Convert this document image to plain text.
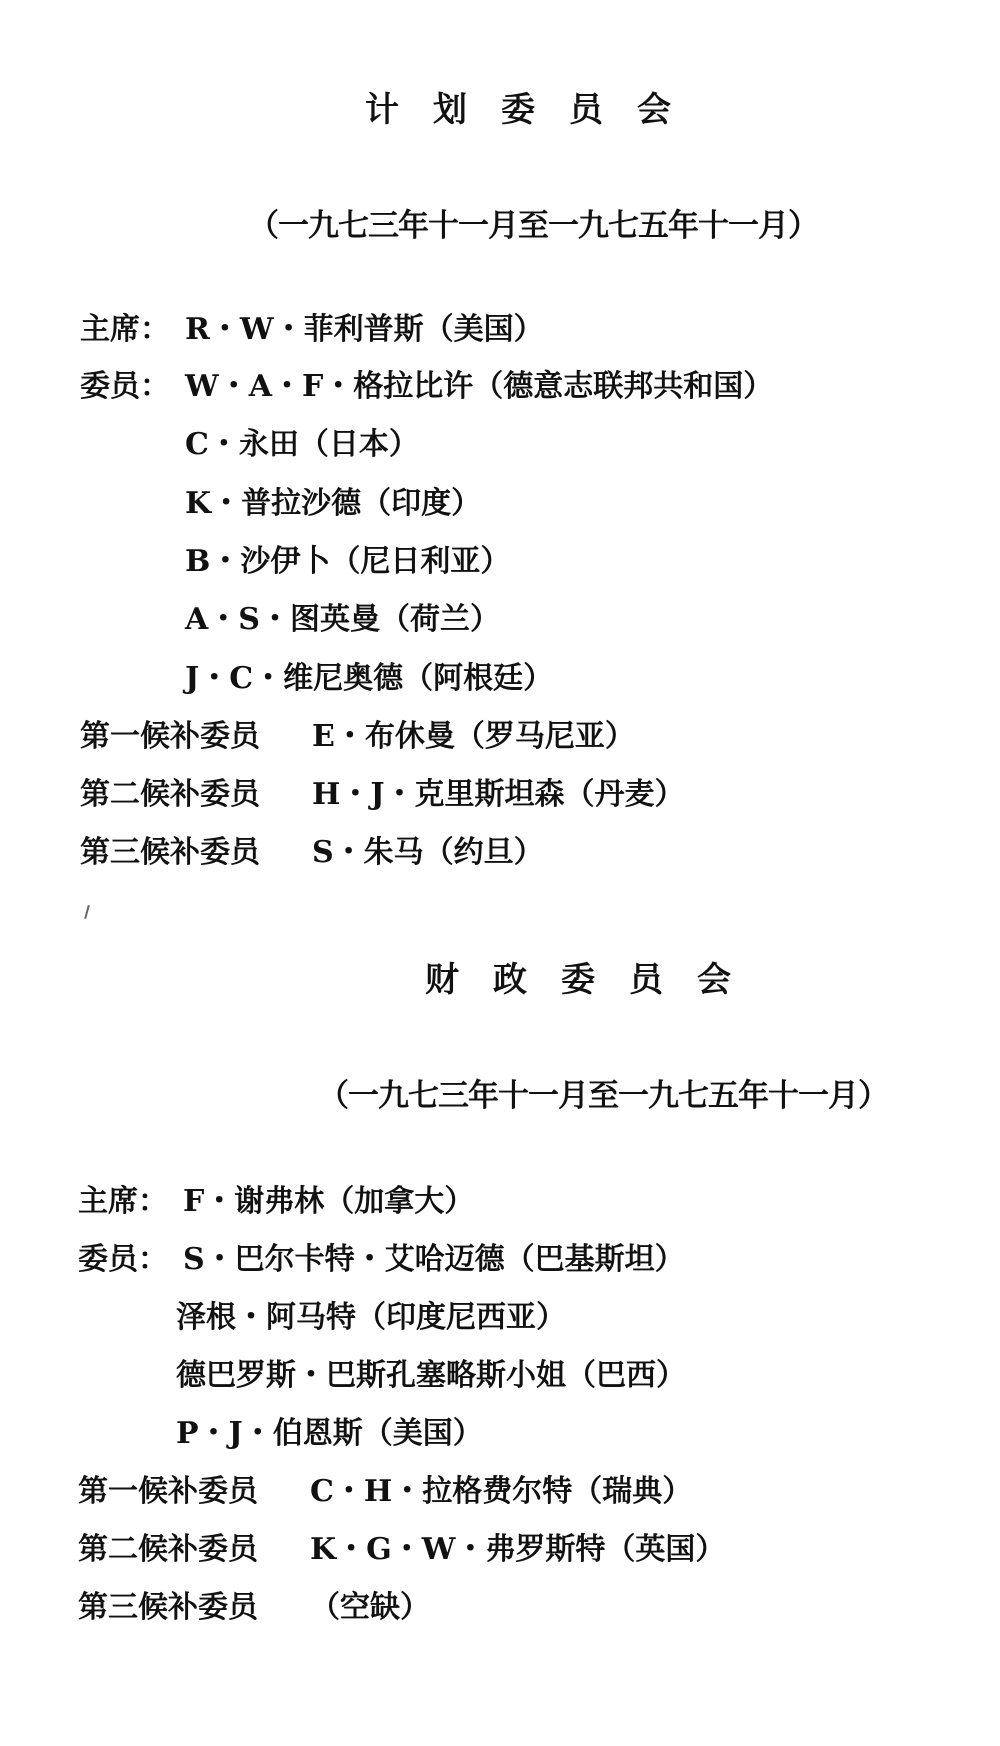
计划委员会
（一九七三年十一月至一九七五年十一月）
主席： R・W・菲利普斯（美国）
委员： W・A・F・格拉比许（德意志联邦共和国）
C・永田（日本）
K・普拉沙德（印度）
B・沙伊卜（尼日利亚）
A・S・图英曼（荷兰）
J・C・维尼奥德（阿根廷）
第一候补委员 E・布休曼（罗马尼亚）
第二候补委员 H・J・克里斯坦森（丹麦）
第三候补委员 S・朱马（约旦）
财政委员会
（一九七三年十一月至一九七五年十一月）
主席： F・谢弗林（加拿大）
委员： S・巴尔卡特・艾哈迈德（巴基斯坦）
泽根・阿马特（印度尼西亚）
德巴罗斯・巴斯孔塞略斯小姐（巴西）
P・J・伯恩斯（美国）
第一候补委员 C・H・拉格费尔特（瑞典）
第二候补委员 K・G・W・弗罗斯特（英国）
第三候补委员 （空缺）
